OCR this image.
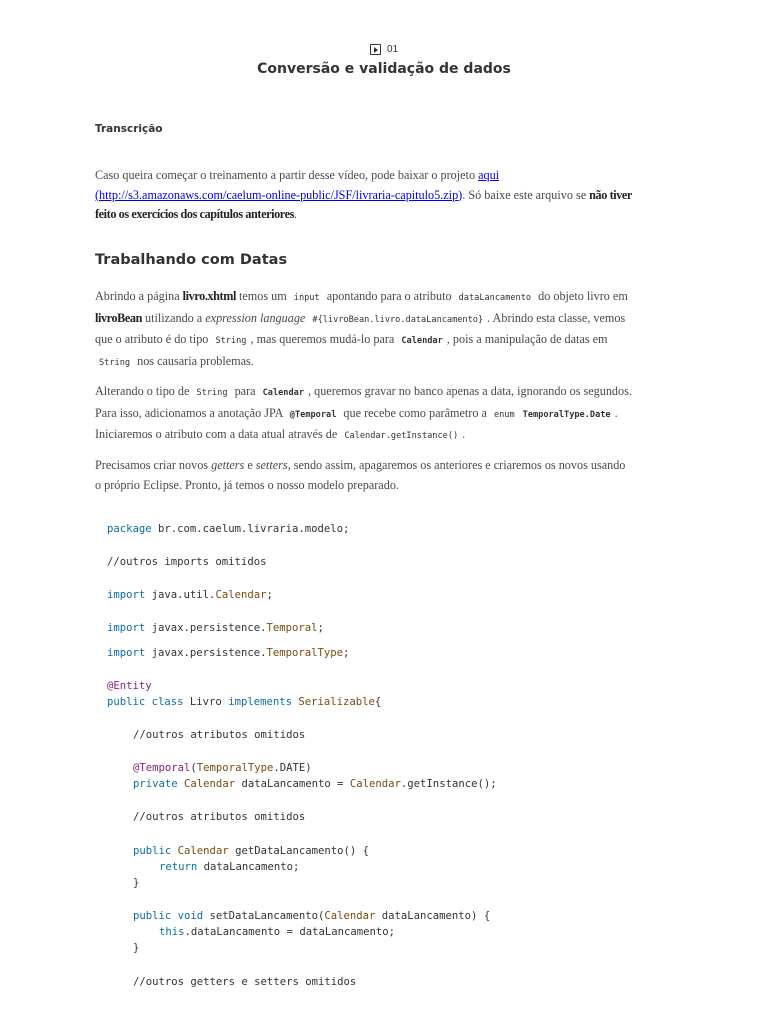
01
Conversão e validação de dados
Transcrição

Caso queira começar o treinamento a partir desse vídeo, pode baixar o projeto aqui
(http://s3.amazonaws.com/caelum-online-public/JSF/livraria-capitulo5.zip). Só baixe este arquivo se não tiver
feito os exercícios dos capítulos anteriores.

Trabalhando com Datas

Abrindo a página livro.xhtml temos um input apontando para o atributo dataLancamento do objeto livro em
livroBean utilizando a expression language #{livroBean.livro.dataLancamento} . Abrindo esta classe, vemos
que o atributo é do tipo String , mas queremos mudá-lo para Calendar , pois a manipulação de datas em
String nos causaria problemas.

Alterando o tipo de String para Calendar , queremos gravar no banco apenas a data, ignorando os segundos.
Para isso, adicionamos a anotação JPA @Temporal que recebe como parâmetro a enum TemporalType.Date .
Iniciaremos o atributo com a data atual através de Calendar.getInstance() .

Precisamos criar novos getters e setters, sendo assim, apagaremos os anteriores e criaremos os novos usando
o próprio Eclipse. Pronto, já temos o nosso modelo preparado.

package br.com.caelum.livraria.modelo;
//outros imports omitidos
import java.util.Calendar;
import javax.persistence.Temporal;
import javax.persistence.TemporalType;
@Entity
public class Livro implements Serializable{
//outros atributos omitidos
@Temporal(TemporalType.DATE)
private Calendar dataLancamento = Calendar.getInstance();
//outros atributos omitidos
public Calendar getDataLancamento() {
return dataLancamento;
}
public void setDataLancamento(Calendar dataLancamento) {
this.dataLancamento = dataLancamento;
}
//outros getters e setters omitidos
